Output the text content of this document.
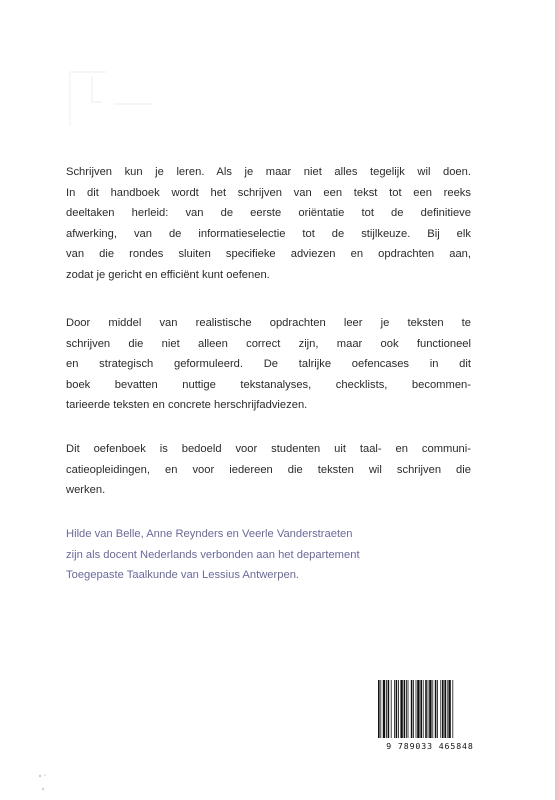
Schrijven kun je leren. Als je maar niet alles tegelijk wil doen.
In dit handboek wordt het schrijven van een tekst tot een reeks
deeltaken herleid: van de eerste oriëntatie tot de definitieve
afwerking, van de informatieselectie tot de stijlkeuze. Bij elk
van die rondes sluiten specifieke adviezen en opdrachten aan,
zodat je gericht en efficiënt kunt oefenen.
Door middel van realistische opdrachten leer je teksten te
schrijven die niet alleen correct zijn, maar ook functioneel
en strategisch geformuleerd. De talrijke oefencases in dit
boek bevatten nuttige tekstanalyses, checklists, becommen-
tarieerde teksten en concrete herschrijfadviezen.
Dit oefenboek is bedoeld voor studenten uit taal- en communi-
catieopleidingen, en voor iedereen die teksten wil schrijven die
werken.
Hilde van Belle, Anne Reynders en Veerle Vanderstraeten
zijn als docent Nederlands verbonden aan het departement
Toegepaste Taalkunde van Lessius Antwerpen.
9 789033 465848
